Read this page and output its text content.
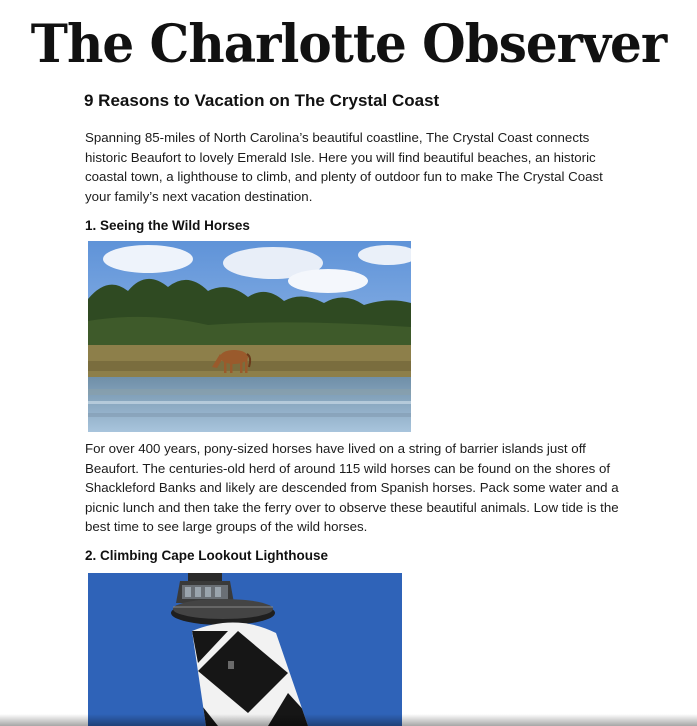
The Charlotte Observer
9 Reasons to Vacation on The Crystal Coast
Spanning 85-miles of North Carolina’s beautiful coastline, The Crystal Coast connects historic Beaufort to lovely Emerald Isle. Here you will find beautiful beaches, an historic coastal town, a lighthouse to climb, and plenty of outdoor fun to make The Crystal Coast your family’s next vacation destination.
1. Seeing the Wild Horses
For over 400 years, pony-sized horses have lived on a string of barrier islands just off Beaufort. The centuries-old herd of around 115 wild horses can be found on the shores of Shackleford Banks and likely are descended from Spanish horses. Pack some water and a picnic lunch and then take the ferry over to observe these beautiful animals. Low tide is the best time to see large groups of the wild horses.
2. Climbing Cape Lookout Lighthouse
